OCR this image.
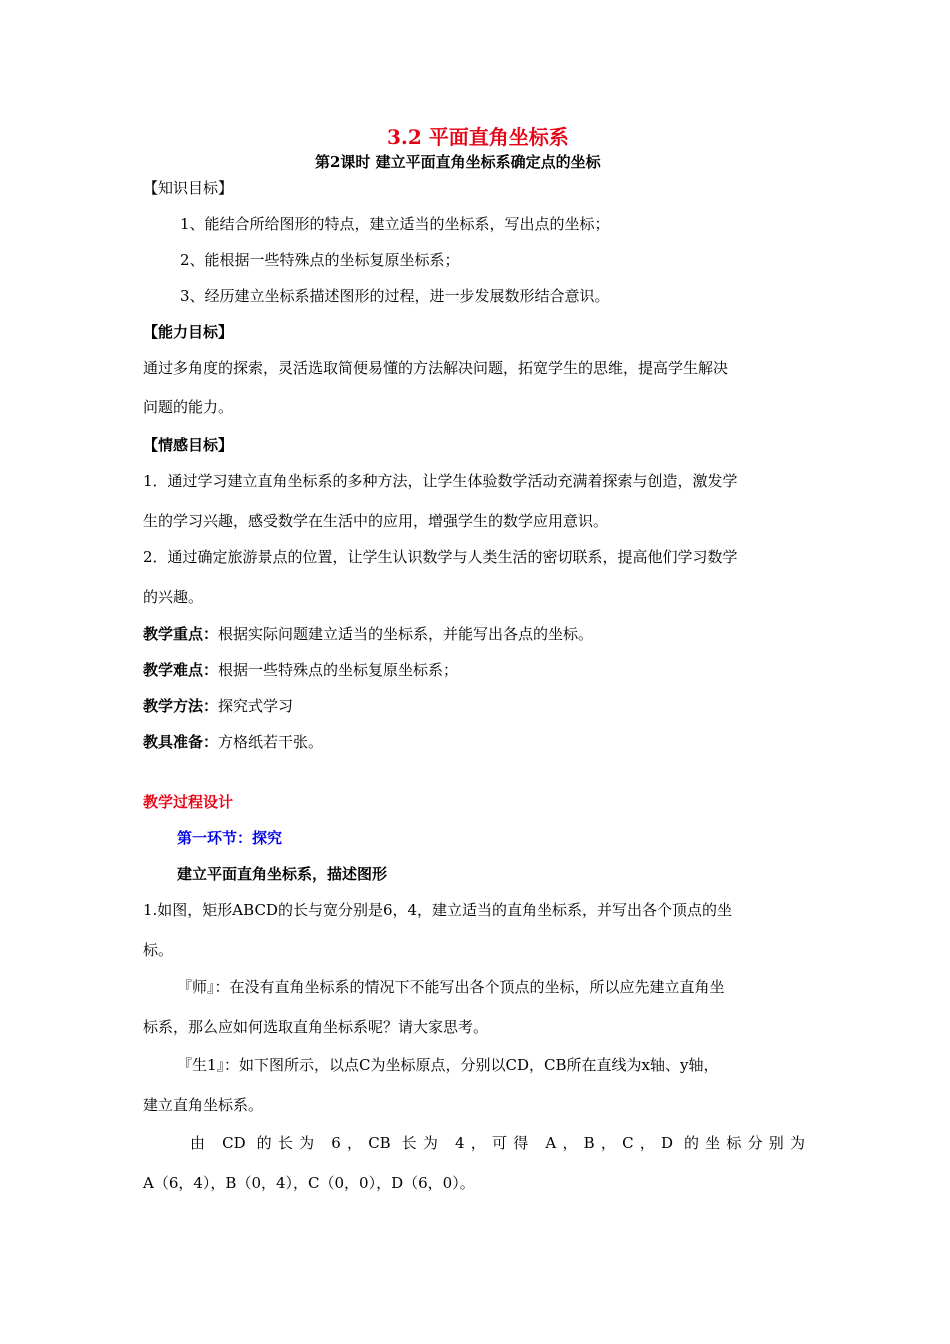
3.2 平面直角坐标系
第2课时 建立平面直角坐标系确定点的坐标
【知识目标】
1、能结合所给图形的特点，建立适当的坐标系，写出点的坐标；
2、能根据一些特殊点的坐标复原坐标系；
3、经历建立坐标系描述图形的过程，进一步发展数形结合意识。
【能力目标】
通过多角度的探索，灵活选取简便易懂的方法解决问题，拓宽学生的思维，提高学生解决
问题的能力。
【情感目标】
1．通过学习建立直角坐标系的多种方法，让学生体验数学活动充满着探索与创造，激发学
生的学习兴趣，感受数学在生活中的应用，增强学生的数学应用意识。
2．通过确定旅游景点的位置，让学生认识数学与人类生活的密切联系，提高他们学习数学
的兴趣。
教学重点：根据实际问题建立适当的坐标系，并能写出各点的坐标。
教学难点：根据一些特殊点的坐标复原坐标系；
教学方法：探究式学习
教具准备：方格纸若干张。
教学过程设计
第一环节：探究
建立平面直角坐标系，描述图形
1.如图，矩形ABCD的长与宽分别是6，4，建立适当的直角坐标系，并写出各个顶点的坐
标。
『师』：在没有直角坐标系的情况下不能写出各个顶点的坐标，所以应先建立直角坐
标系，那么应如何选取直角坐标系呢？请大家思考。
『生1』：如下图所示，以点C为坐标原点，分别以CD，CB所在直线为x轴、y轴，
建立直角坐标系。
由 CD 的长为 6，CB 长为 4，可得 A，B，C，D 的坐标分别为
A（6，4），B（0，4），C（0，0），D（6，0）。
